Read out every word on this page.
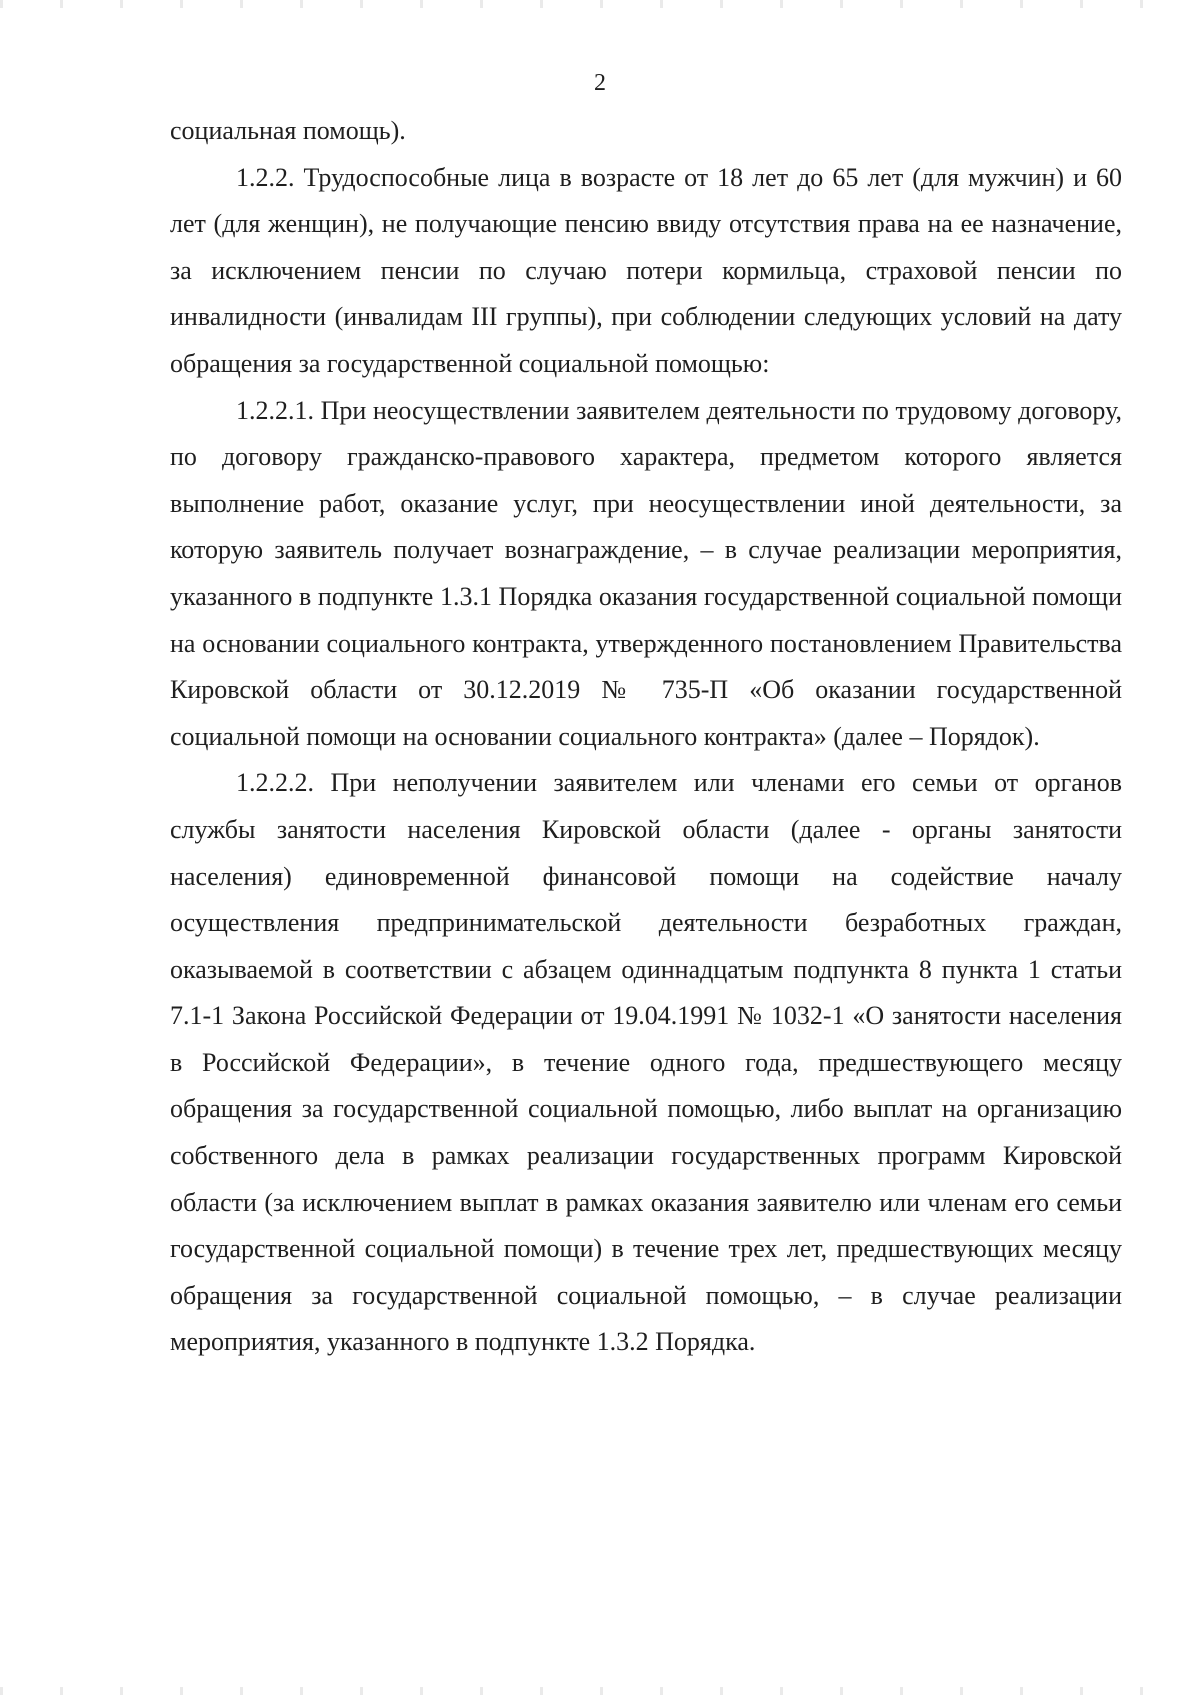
2

социальная помощь).

1.2.2. Трудоспособные лица в возрасте от 18 лет до 65 лет (для мужчин) и 60 лет (для женщин), не получающие пенсию ввиду отсутствия права на ее назначение, за исключением пенсии по случаю потери кормильца, страховой пенсии по инвалидности (инвалидам III группы), при соблюдении следующих условий на дату обращения за государственной социальной помощью:

1.2.2.1. При неосуществлении заявителем деятельности по трудовому договору, по договору гражданско-правового характера, предметом которого является выполнение работ, оказание услуг, при неосуществлении иной деятельности, за которую заявитель получает вознаграждение, – в случае реализации мероприятия, указанного в подпункте 1.3.1 Порядка оказания государственной социальной помощи на основании социального контракта, утвержденного постановлением Правительства Кировской области от 30.12.2019 № 735-П «Об оказании государственной социальной помощи на основании социального контракта» (далее – Порядок).

1.2.2.2. При неполучении заявителем или членами его семьи от органов службы занятости населения Кировской области (далее - органы занятости населения) единовременной финансовой помощи на содействие началу осуществления предпринимательской деятельности безработных граждан, оказываемой в соответствии с абзацем одиннадцатым подпункта 8 пункта 1 статьи 7.1-1 Закона Российской Федерации от 19.04.1991 № 1032-1 «О занятости населения в Российской Федерации», в течение одного года, предшествующего месяцу обращения за государственной социальной помощью, либо выплат на организацию собственного дела в рамках реализации государственных программ Кировской области (за исключением выплат в рамках оказания заявителю или членам его семьи государственной социальной помощи) в течение трех лет, предшествующих месяцу обращения за государственной социальной помощью, – в случае реализации мероприятия, указанного в подпункте 1.3.2 Порядка.
